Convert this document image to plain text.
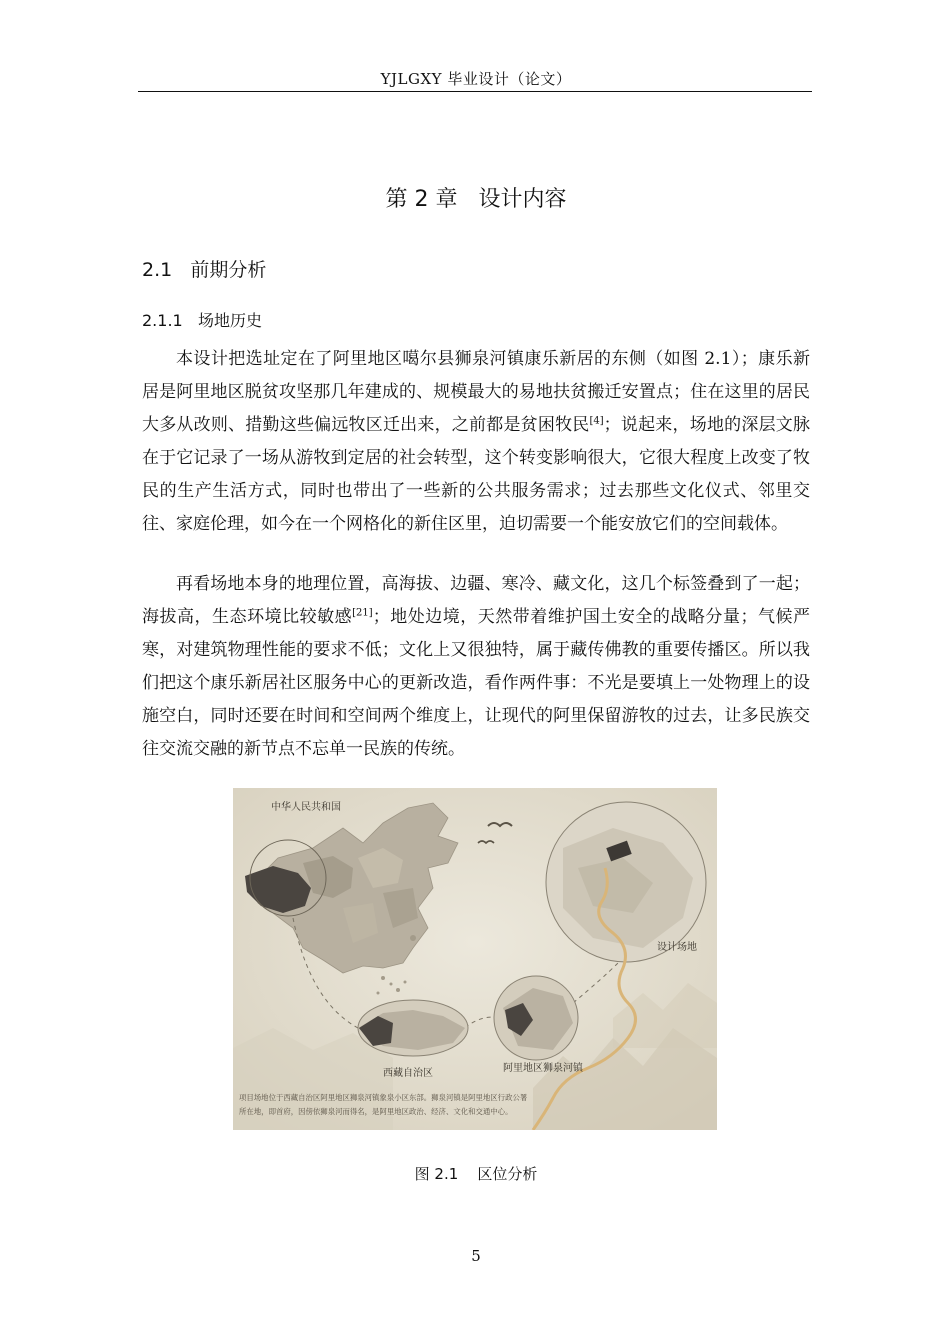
YJLGXY 毕业设计（论文）
第 2 章   设计内容
2.1   前期分析
2.1.1   场地历史

本设计把选址定在了阿里地区噶尔县狮泉河镇康乐新居的东侧（如图 2.1）；康乐新居是阿里地区脱贫攻坚那几年建成的、规模最大的易地扶贫搬迁安置点；住在这里的居民大多从改则、措勤这些偏远牧区迁出来，之前都是贫困牧民[4]；说起来，场地的深层文脉在于它记录了一场从游牧到定居的社会转型，这个转变影响很大，它很大程度上改变了牧民的生产生活方式，同时也带出了一些新的公共服务需求；过去那些文化仪式、邻里交往、家庭伦理，如今在一个网格化的新住区里，迫切需要一个能安放它们的空间载体。

再看场地本身的地理位置，高海拔、边疆、寒冷、藏文化，这几个标签叠到了一起；海拔高，生态环境比较敏感[21]；地处边境，天然带着维护国土安全的战略分量；气候严寒，对建筑物理性能的要求不低；文化上又很独特，属于藏传佛教的重要传播区。所以我们把这个康乐新居社区服务中心的更新改造，看作两件事：不光是要填上一处物理上的设施空白，同时还要在时间和空间两个维度上，让现代的阿里保留游牧的过去，让多民族交往交流交融的新节点不忘单一民族的传统。

中华人民共和国
设计场地
西藏自治区	阿里地区狮泉河镇
项目场地位于西藏自治区阿里地区狮泉河镇象泉小区东部。狮泉河镇是阿里地区行政公署
所在地，即首府，因傍依狮泉河而得名，是阿里地区政治、经济、文化和交通中心。
图 2.1    区位分析
5
